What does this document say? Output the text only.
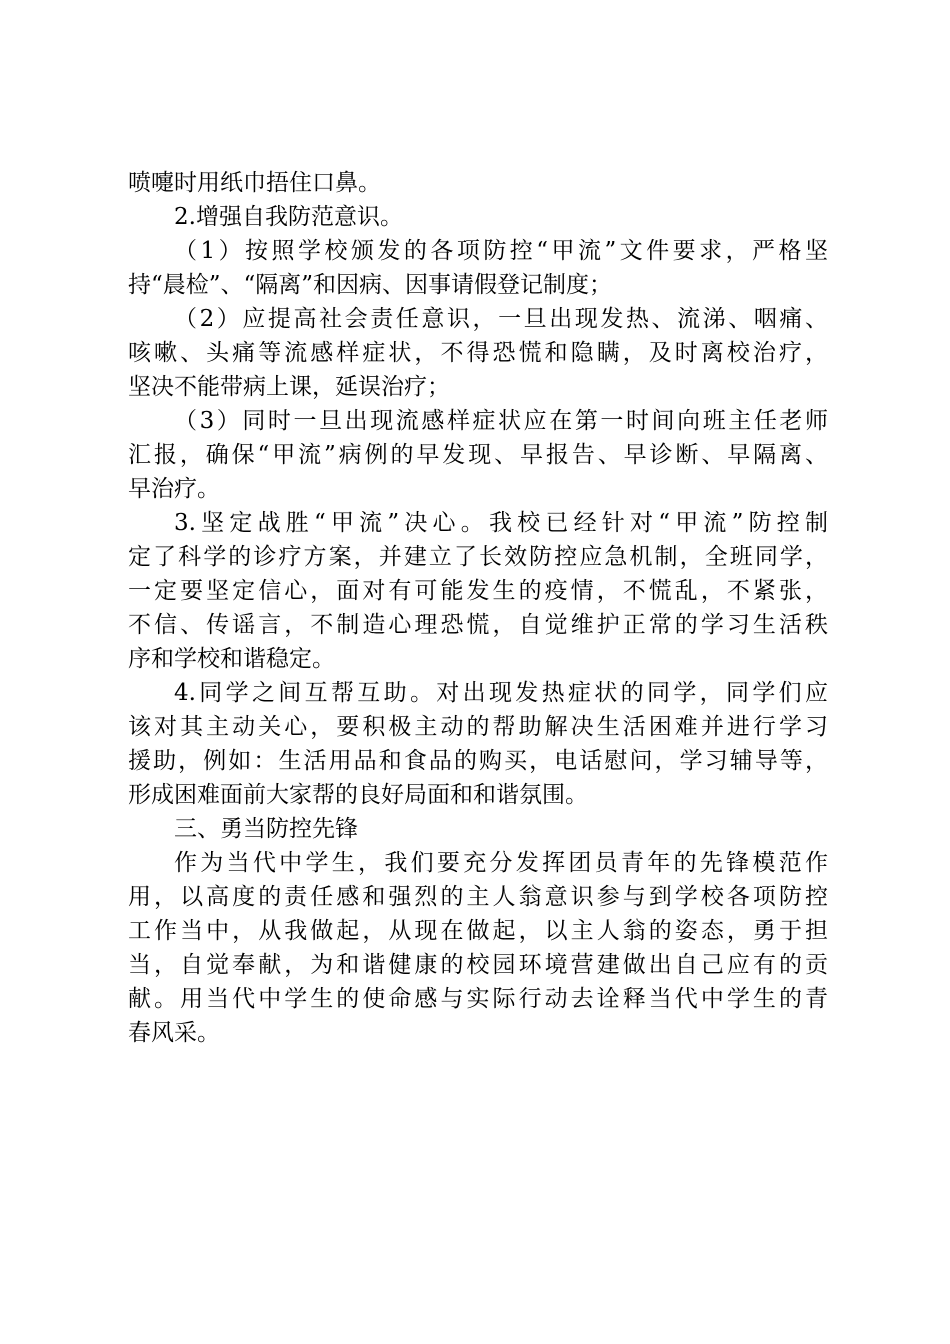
喷嚏时用纸巾捂住口鼻。
2.增强自我防范意识。
（1）按照学校颁发的各项防控“甲流”文件要求，严格坚
持“晨检”、“隔离”和因病、因事请假登记制度；
（2）应提高社会责任意识，一旦出现发热、流涕、咽痛、
咳嗽、头痛等流感样症状，不得恐慌和隐瞒，及时离校治疗，
坚决不能带病上课，延误治疗；
（3）同时一旦出现流感样症状应在第一时间向班主任老师
汇报，确保“甲流”病例的早发现、早报告、早诊断、早隔离、
早治疗。
3.坚定战胜“甲流”决心。我校已经针对“甲流”防控制
定了科学的诊疗方案，并建立了长效防控应急机制，全班同学，
一定要坚定信心，面对有可能发生的疫情，不慌乱，不紧张，
不信、传谣言，不制造心理恐慌，自觉维护正常的学习生活秩
序和学校和谐稳定。
4.同学之间互帮互助。对出现发热症状的同学，同学们应
该对其主动关心，要积极主动的帮助解决生活困难并进行学习
援助，例如：生活用品和食品的购买，电话慰问，学习辅导等，
形成困难面前大家帮的良好局面和和谐氛围。
三、勇当防控先锋
作为当代中学生，我们要充分发挥团员青年的先锋模范作
用，以高度的责任感和强烈的主人翁意识参与到学校各项防控
工作当中，从我做起，从现在做起，以主人翁的姿态，勇于担
当，自觉奉献，为和谐健康的校园环境营建做出自己应有的贡
献。用当代中学生的使命感与实际行动去诠释当代中学生的青
春风采。
